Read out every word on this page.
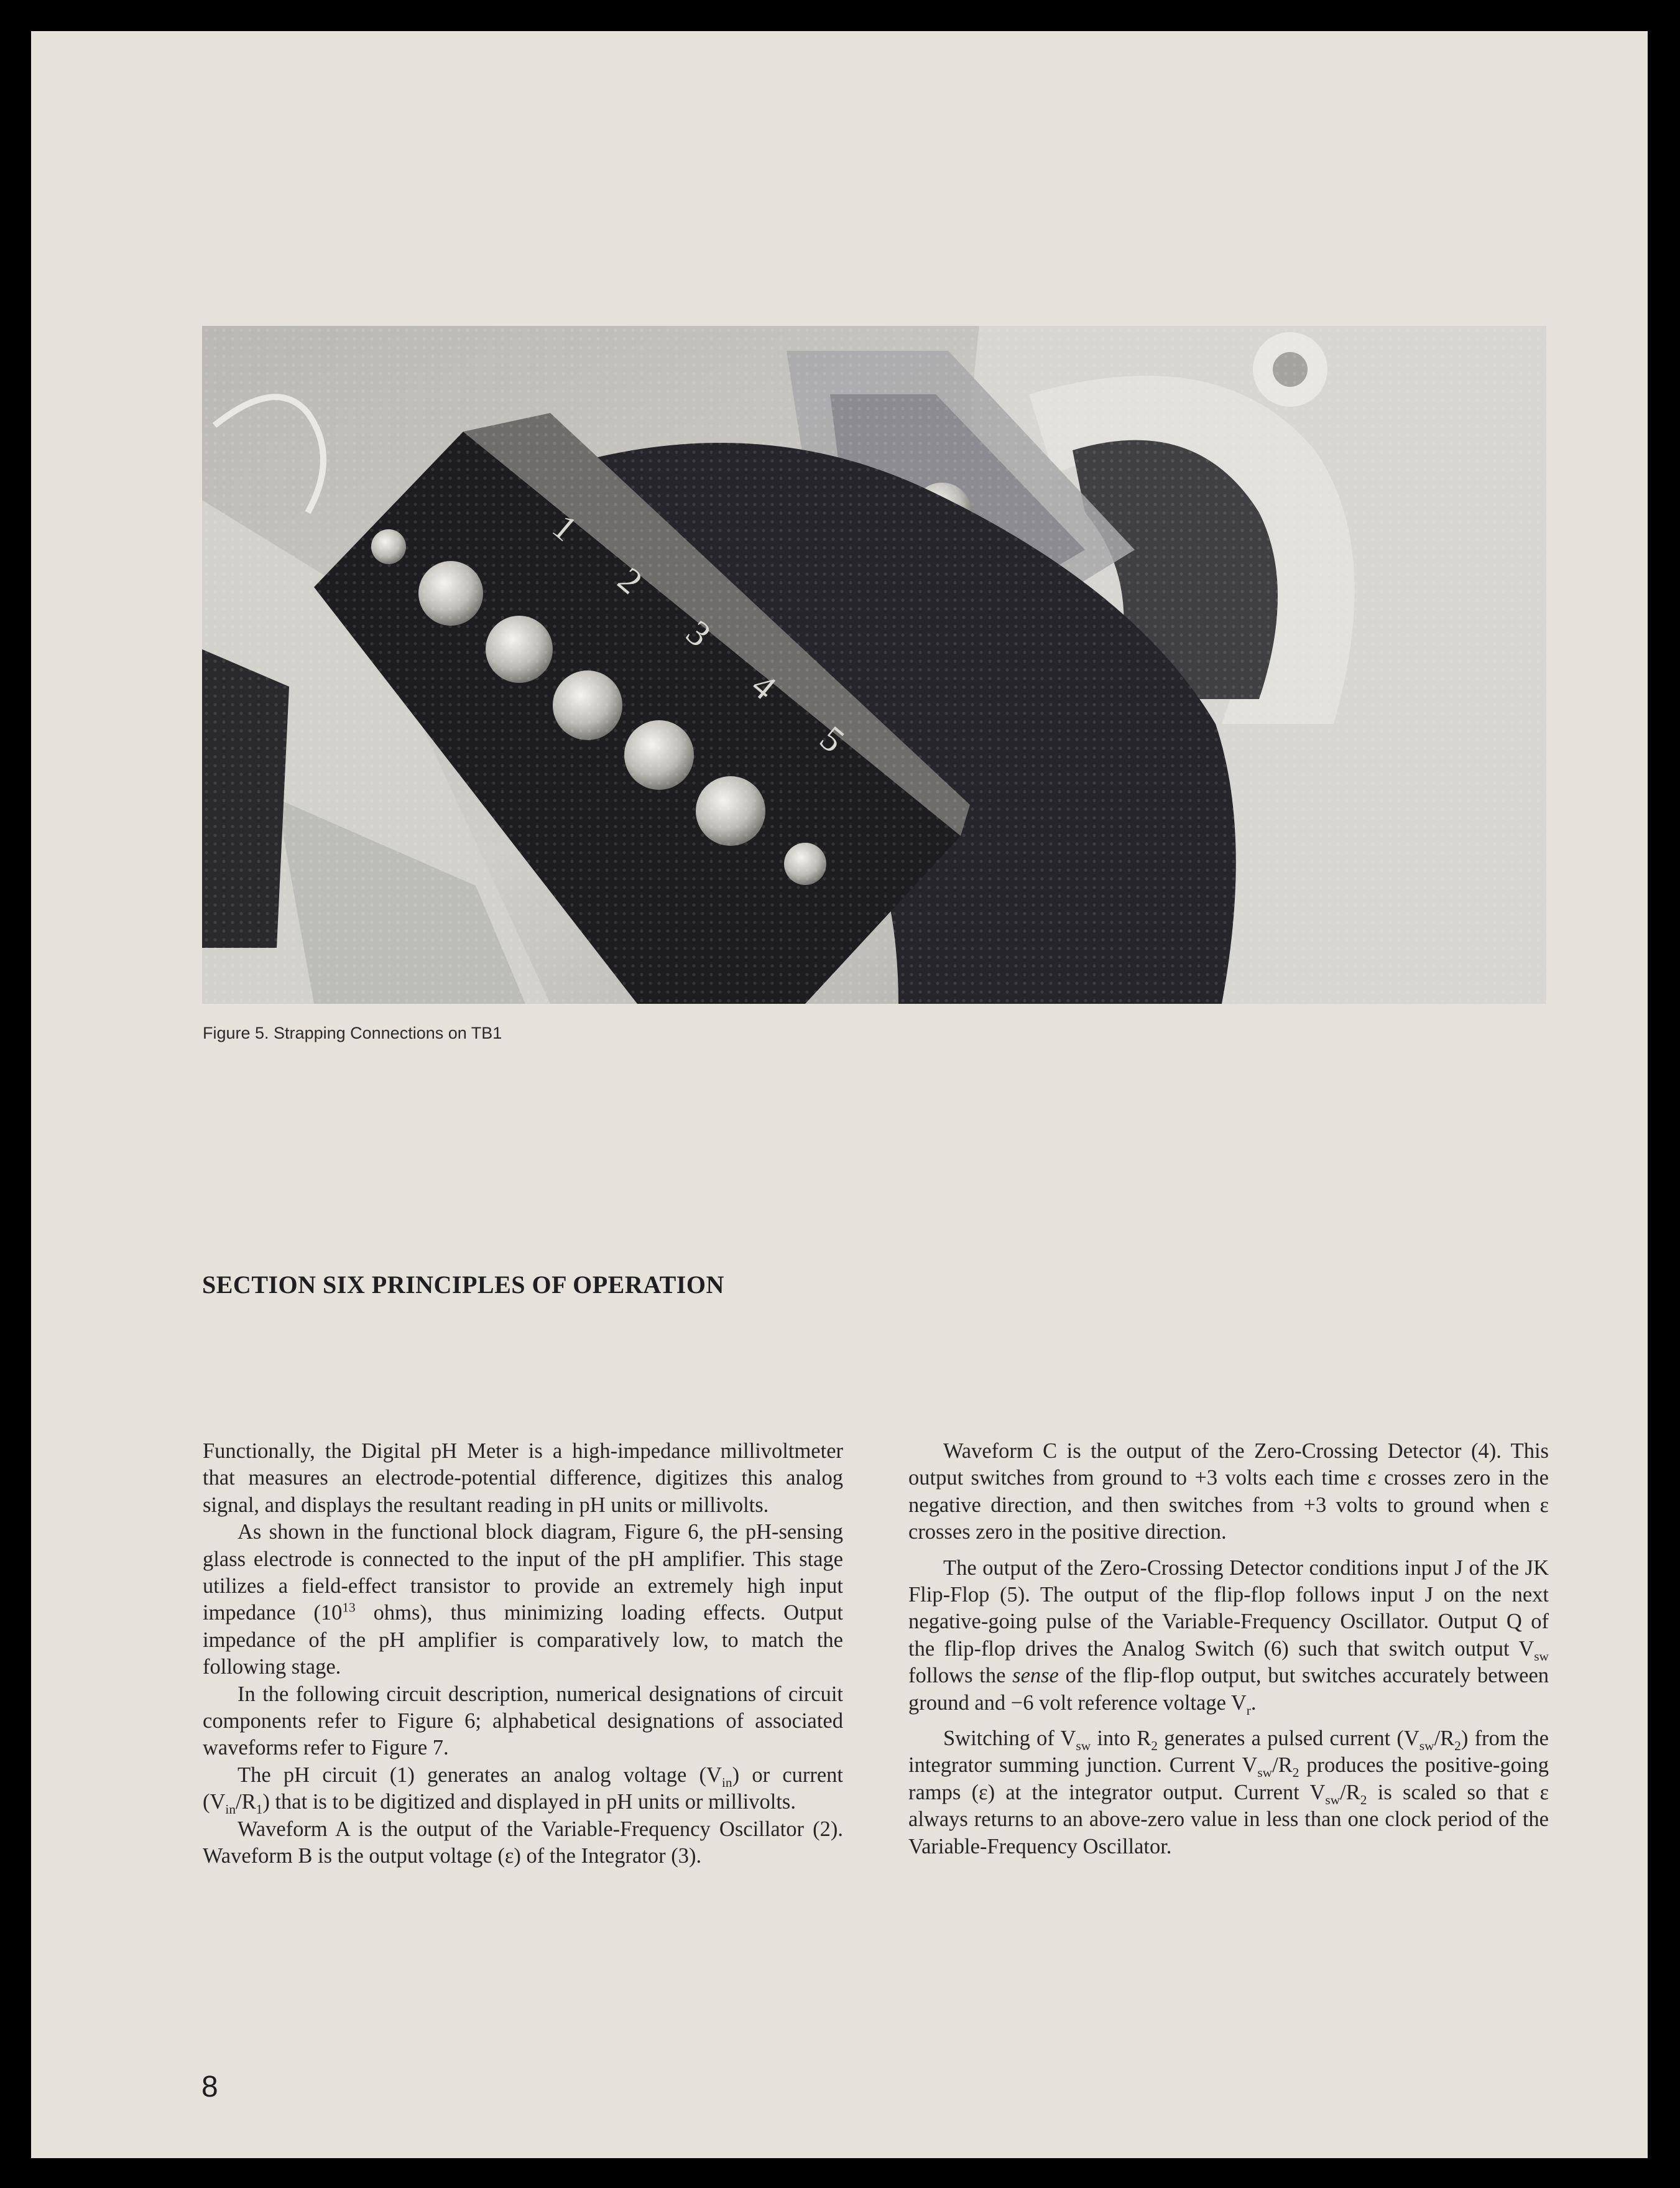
Figure 5. Strapping Connections on TB1
SECTION SIX PRINCIPLES OF OPERATION

Functionally, the Digital pH Meter is a high-impedance millivoltmeter that measures an electrode-potential difference, digitizes this analog signal, and displays the resultant reading in pH units or millivolts.

As shown in the functional block diagram, Figure 6, the pH-sensing glass electrode is connected to the input of the pH amplifier. This stage utilizes a field-effect transistor to provide an extremely high input impedance ($10^{13}$ ohms), thus minimizing loading effects. Output impedance of the pH amplifier is comparatively low, to match the following stage.

In the following circuit description, numerical designations of circuit components refer to Figure 6; alphabetical designations of associated waveforms refer to Figure 7.

The pH circuit (1) generates an analog voltage $(V_{in})$ or current $(V_{in}/R_1)$ that is to be digitized and displayed in pH units or millivolts.

Waveform A is the output of the Variable-Frequency Oscillator (2). Waveform B is the output voltage (ε) of the Integrator (3).

Waveform C is the output of the Zero-Crossing Detector (4). This output switches from ground to +3 volts each time ε crosses zero in the negative direction, and then switches from +3 volts to ground when ε crosses zero in the positive direction.

The output of the Zero-Crossing Detector conditions input J of the JK Flip-Flop (5). The output of the flip-flop follows input J on the next negative-going pulse of the Variable-Frequency Oscillator. Output Q of the flip-flop drives the Analog Switch (6) such that switch output $V_{sw}$ follows the sense of the flip-flop output, but switches accurately between ground and −6 volt reference voltage $V_r$.

Switching of $V_{sw}$ into $R_2$ generates a pulsed current $(V_{sw}/R_2)$ from the integrator summing junction. Current $V_{sw}/R_2$ produces the positive-going ramps (ε) at the integrator output. Current $V_{sw}/R_2$ is scaled so that ε always returns to an above-zero value in less than one clock period of the Variable-Frequency Oscillator.

8
